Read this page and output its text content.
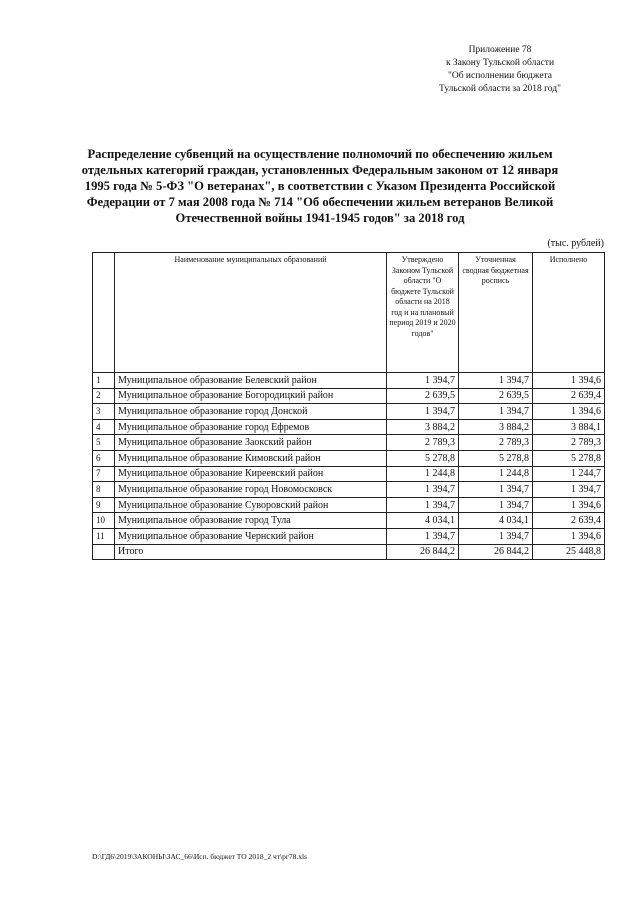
Приложение 78
к Закону Тульской области
"Об исполнении бюджета
Тульской области за 2018 год"
Распределение субвенций на осуществление полномочий по обеспечению жильем
отдельных категорий граждан, установленных Федеральным законом от 12 января
1995 года № 5-ФЗ "О ветеранах", в соответствии с Указом Президента Российской
Федерации от 7 мая 2008 года № 714 "Об обеспечении жильем ветеранов Великой
Отечественной войны 1941-1945 годов" за 2018 год
(тыс. рублей)
	Наименование муниципальных образований	Утверждено Законом Тульской области "О бюджете Тульской области на 2018 год и на плановый период 2019 и 2020 годов"	Уточненная сводная бюджетная роспись	Исполнено
1	Муниципальное образование Белевский район	1 394,7	1 394,7	1 394,6
2	Муниципальное образование Богородицкий район	2 639,5	2 639,5	2 639,4
3	Муниципальное образование город Донской	1 394,7	1 394,7	1 394,6
4	Муниципальное образование город Ефремов	3 884,2	3 884,2	3 884,1
5	Муниципальное образование Заокский район	2 789,3	2 789,3	2 789,3
6	Муниципальное образование Кимовский район	5 278,8	5 278,8	5 278,8
7	Муниципальное образование Киреевский район	1 244,8	1 244,8	1 244,7
8	Муниципальное образование город Новомосковск	1 394,7	1 394,7	1 394,7
9	Муниципальное образование Суворовский район	1 394,7	1 394,7	1 394,6
10	Муниципальное образование город Тула	4 034,1	4 034,1	2 639,4
11	Муниципальное образование Чернский район	1 394,7	1 394,7	1 394,6
	Итого	26 844,2	26 844,2	25 448,8
D:\ГД6\2019\ЗАКОНЫ\ЗАС_66\Исп. бюджет ТО 2018_2 чт\рг78.xls
